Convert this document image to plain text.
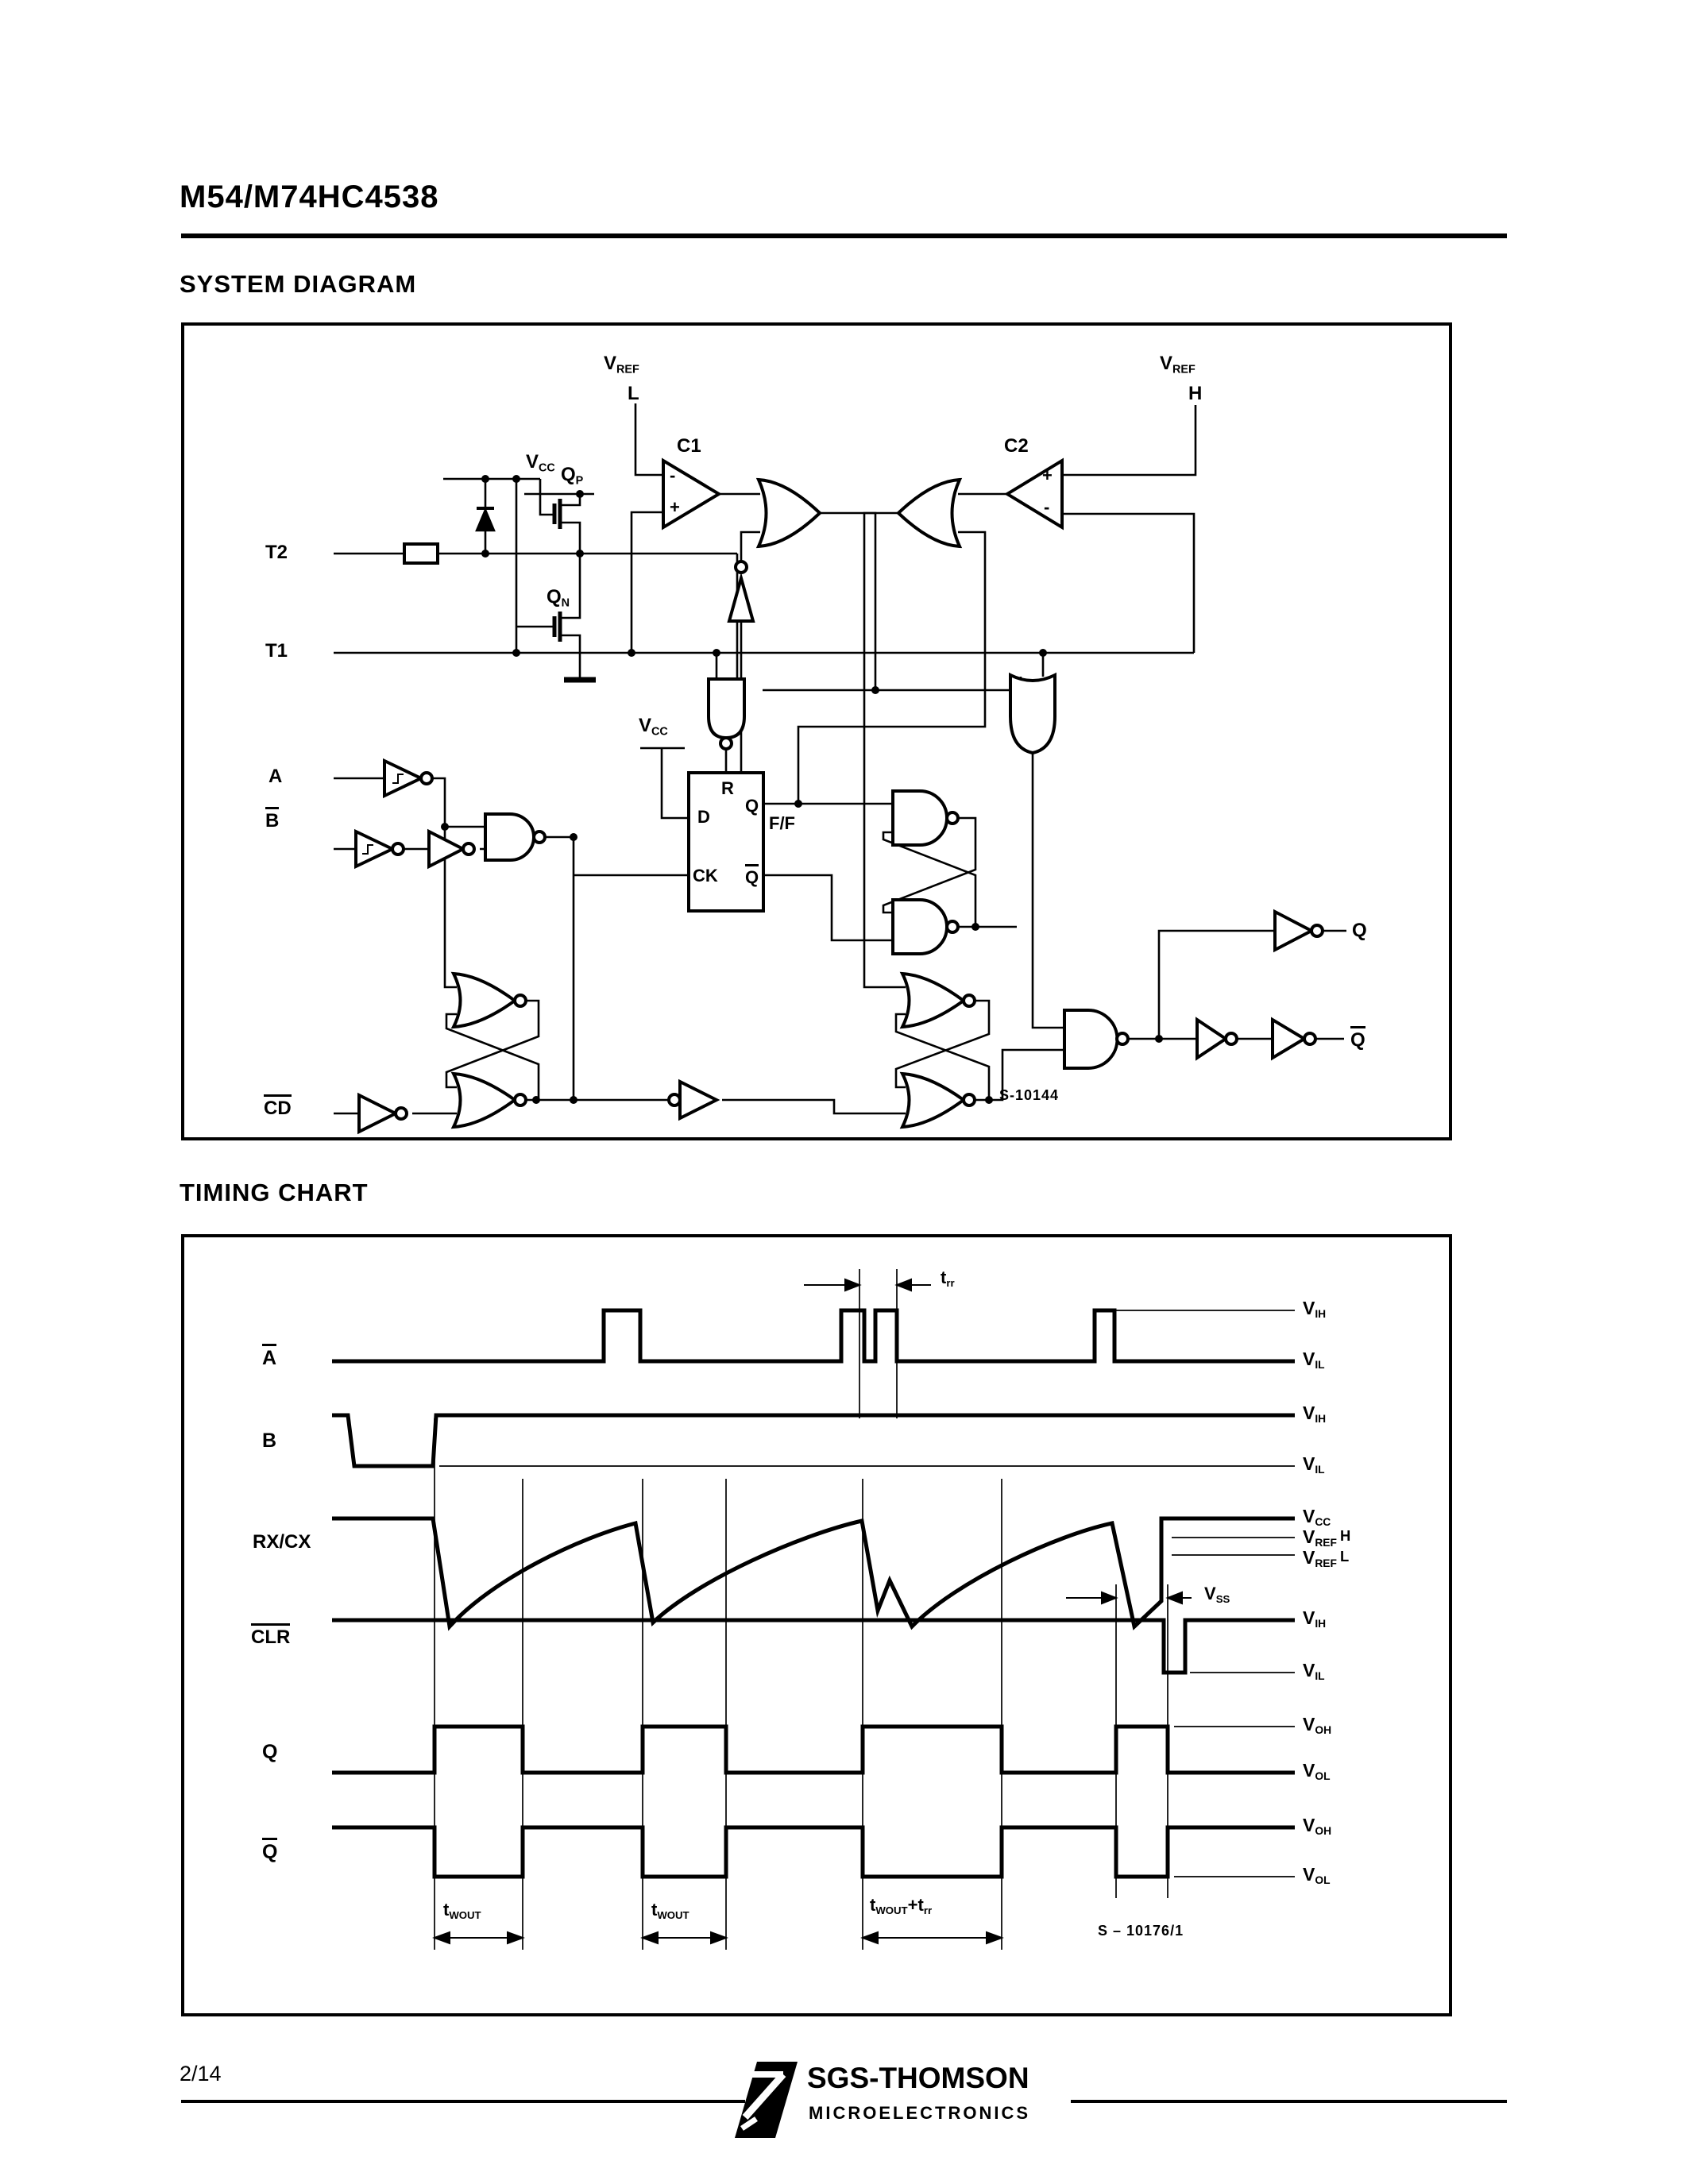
M54/M74HC4538
SYSTEM DIAGRAM
TIMING CHART
$V_{REF}$
L
$V_{REF}$
H
$V_{CC}$
C1	C2
-
+
+
-
$Q_P$
$Q_N$
T2
T1
A
B
CD
$V_{CC}$
D
R
Q
CK Q
F/F
Q
Q
S-10144
A
B
RX/CX
CLR
Q
Q
$V_{IH}$
$V_{IL}$
$V_{IH}$
$V_{IL}$
$V_{CC}$
$V_{REF}$ H
$V_{REF}$ L
$V_{IH}$
$V_{IL}$
$V_{OH}$
$V_{OL}$
$V_{OH}$
$V_{OL}$
$t_{rr}$
$V_{SS}$
$t_{WOUT}$	$t_{WOUT}$
$t_{WOUT}+t_{rr}$
S – 10176/1
2/14	SGS-THOMSON
MICROELECTRONICS
